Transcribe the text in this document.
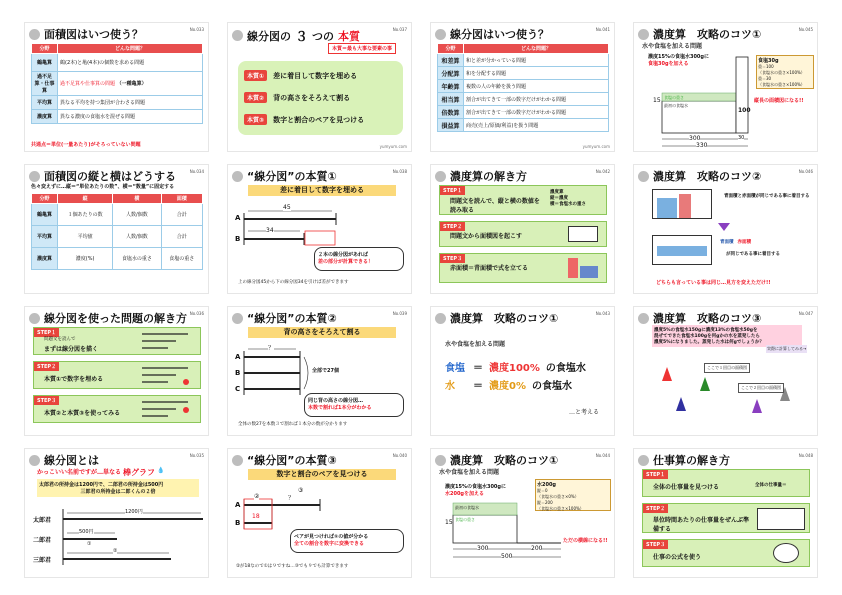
面積図はいつ使う？	No.033
分野	どんな問題？
鶴亀算	鶴(2本)と亀(4本)の個数を求める問題
過不足算・仕事算	過不足算や仕事算の問題 （一種亀算）
平均算	異なる平均を持つ集団が合わさる問題
濃度算	異なる濃度の食塩水を混ぜる問題
共通点＝単位(一量あたり)がそろっていない問題
線分図の ３ つの 本質	No.037
本質＝最も大事な要素の事
本質①	差に着目して数字を埋める
本質②	背の高さをそろえて割る
本質③	数字と割合のペアを見つける
yumyum.com
線分図はいつ使う？	No.041
分野	どんな問題？
和差算	和と差が分かっている問題
分配算	和を分配する問題
年齢算	複数の人の年齢を扱う問題
相当算	割合が出てきて一部の数字だけがわかる問題
倍数算	割合が出てきて一部の数字だけがわかる問題
損益算	商売(売上/原価/利益)を扱う問題
yumyum.com
濃度算　攻略のコツ①	No.045
水や食塩を加える問題
濃度15%の食塩水300gに
食塩30gを加える
最初の食塩水
食塩の重さ
食塩30g
重＝100
（食塩水の重さ×100%）
重＝30
（食塩水の重さ×100%）
100
15
300	30
330
縦長の面積図になる!!
面積図の縦と横はどうする	No.034
色々変えずに…縦＝“単位あたりの数”、横＝“数量”に固定する
分野	縦	横	面積
鶴亀算	１個あたりの数	人数/個数	合計
平均算	平均値	人数/個数	合計
濃度算	濃度(%)	食塩水の重さ	食塩の重さ
“線分図”の本質①	No.038
差に着目して数字を埋める
A
B
45
34
２本の線分図があれば
差の部分が計算できる！
上の線分図45から下の線分図34を引けば差ができます
濃度算の解き方	No.042
STEP１
問題文を読んで、縦と横の数値を読み取る
濃度算
縦＝濃度
横＝食塩水の重さ
STEP２
問題文から面積図を起こす
STEP３
赤面積＝青面積で式を立てる
濃度算　攻略のコツ②	No.046
青面積と赤面積が同じである事に着目する
青面積 赤面積
が同じである事に着目する
どちらも言っている事は同じ…見方を変えただけ!!
線分図を使った問題の解き方 No.036
STEP１
問題文を読んで
まずは線分図を描く
STEP２
本質①で数字を埋める
STEP３
本質②と本質③を使ってみる
“線分図”の本質②	No.039
背の高さをそろえて割る
A
B
C
？
全部で27個
同じ背の高さの線分図…
本数で割れば1本分がわかる
全体の数27を本数３で割れば１本分の数が分かります
濃度算　攻略のコツ①	No.043
水や食塩を加える問題
食塩 ＝ 濃度100% の食塩水
水	＝ 濃度0% の食塩水
…と考える
濃度算　攻略のコツ③	No.047
濃度5%の食塩水150gに濃度13%の食塩水50gを
混ぜてできた食塩水100gを何gかの水を蒸発したら
濃度5%になりました。蒸発した水は何gでしょうか？
実際に計算してみる→
ここで１回目の面積図
ここで２回目の面積図
線分図とは	No.035
かっこいい名前ですが…単なる 棒グラフ 💧
太郎君の所持金は1200円で、二郎君の所持金は500円
三郎君の所持金は二郎くんの２倍
太郎君
二郎君
三郎君
1200円
500円
①
②
“線分図”の本質③	No.040
数字と割合のペアを見つける
A
B
②	？
③
18
ペアが見つければ①の値が分かる
全ての割合を数字に変換できる
②が18なので①は９ですね…③でも９でも計算できます
濃度算　攻略のコツ①	No.044
水や食塩を加える問題
濃度15%の食塩水300gに
水200gを加える
最初の食塩水
食塩の重さ
水200g
縦＝0
（食塩水の重さ×0%）
縦＝200
（食塩水の重さ×100%）
15
300	200
500
ただの横線になる!!
仕事算の解き方	No.048
STEP１
全体の仕事量を見つける	全体の仕事量＝
STEP２
単位時間あたりの仕事量をぜんぶ準備する
STEP３
仕事の公式を使う
